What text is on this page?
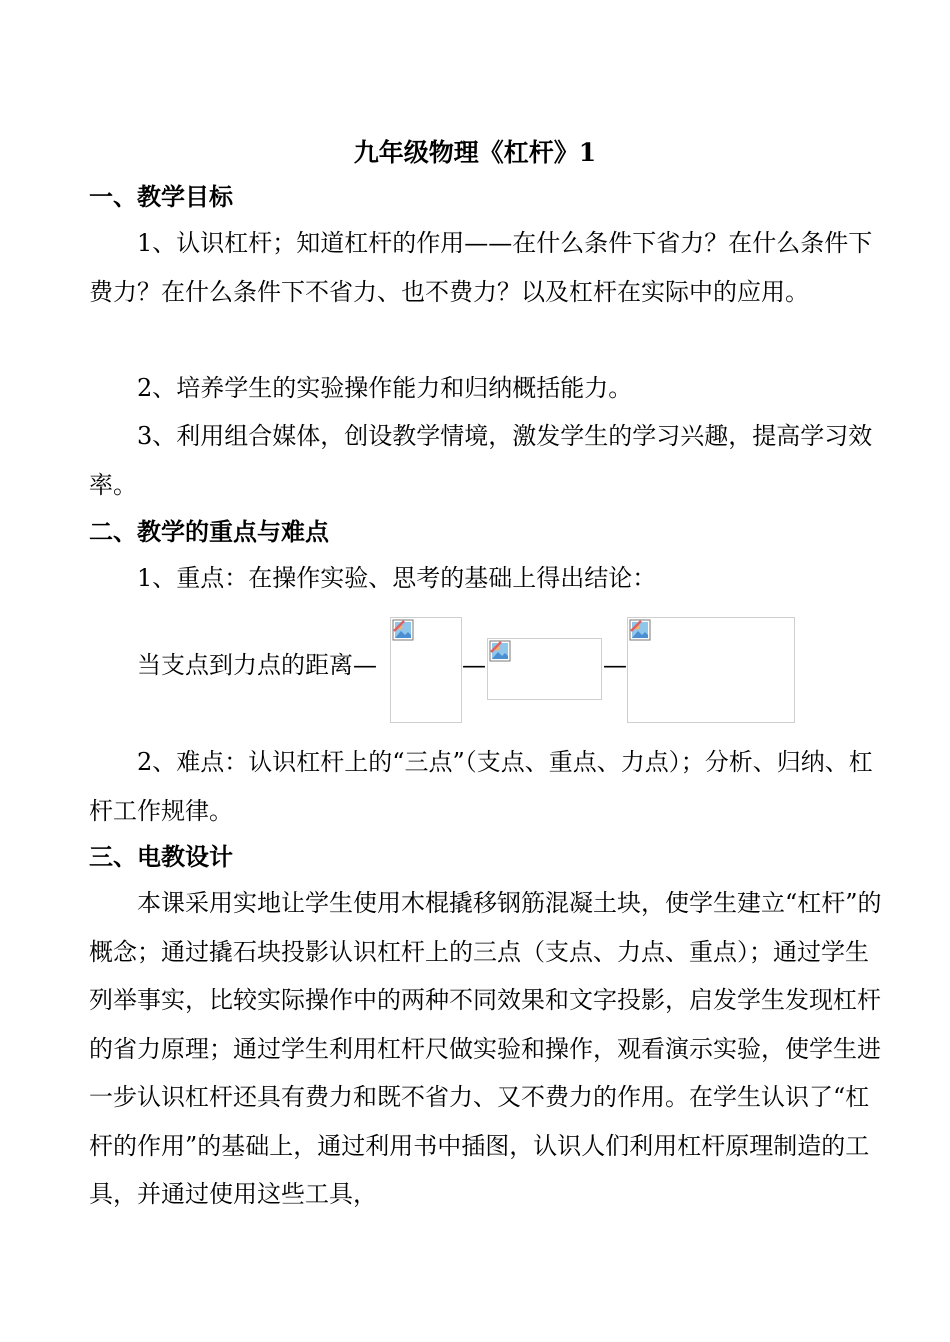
九年级物理《杠杆》1
一、教学目标
1、认识杠杆；知道杠杆的作用——在什么条件下省力？在什么条件下费力？在什么条件下不省力、也不费力？以及杠杆在实际中的应用。
2、培养学生的实验操作能力和归纳概括能力。
3、利用组合媒体，创设教学情境，激发学生的学习兴趣，提高学习效率。
二、教学的重点与难点
1、重点：在操作实验、思考的基础上得出结论：
当支点到力点的距离—	—	—
2、难点：认识杠杆上的“三点”（支点、重点、力点）；分析、归纳、杠杆工作规律。
三、电教设计
本课采用实地让学生使用木棍撬移钢筋混凝土块，使学生建立“杠杆”的概念；通过撬石块投影认识杠杆上的三点（支点、力点、重点）；通过学生列举事实，比较实际操作中的两种不同效果和文字投影，启发学生发现杠杆的省力原理；通过学生利用杠杆尺做实验和操作，观看演示实验，使学生进一步认识杠杆还具有费力和既不省力、又不费力的作用。在学生认识了“杠杆的作用”的基础上，通过利用书中插图，认识人们利用杠杆原理制造的工具，并通过使用这些工具，
